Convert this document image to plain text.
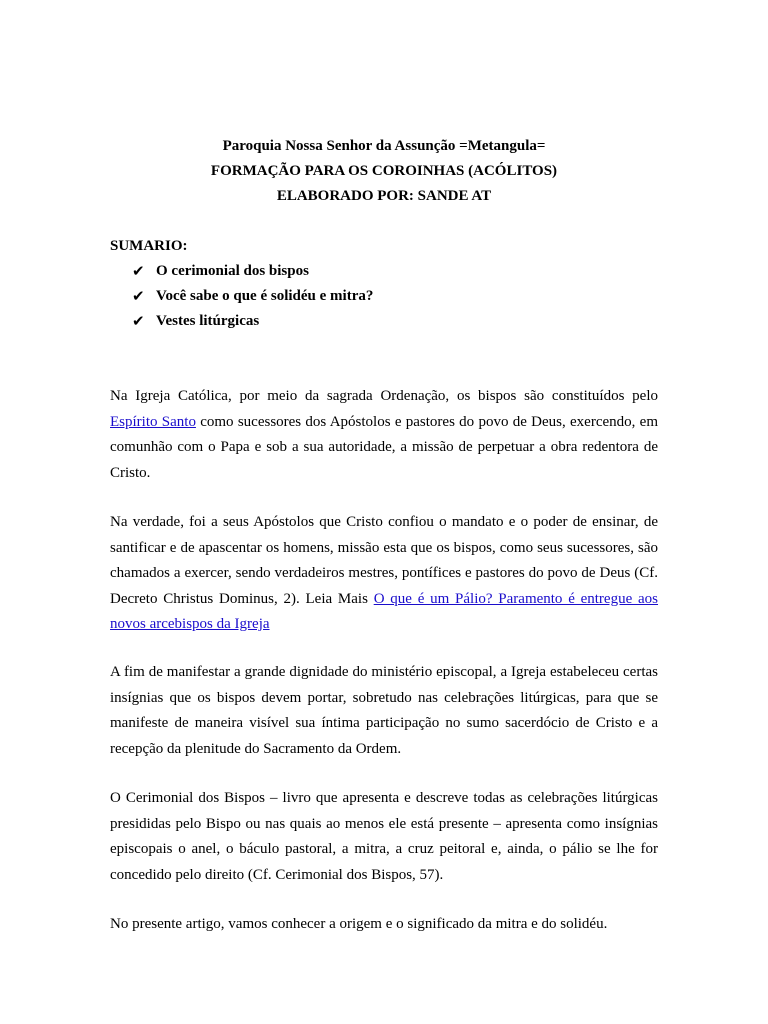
Paroquia Nossa Senhor da Assunção =Metangula=
FORMAÇÃO PARA OS COROINHAS (ACÓLITOS)
ELABORADO POR: SANDE AT
SUMARIO:
✔ O cerimonial dos bispos
✔ Você sabe o que é solidéu e mitra?
✔ Vestes litúrgicas

Na Igreja Católica, por meio da sagrada Ordenação, os bispos são constituídos pelo Espírito Santo como sucessores dos Apóstolos e pastores do povo de Deus, exercendo, em comunhão com o Papa e sob a sua autoridade, a missão de perpetuar a obra redentora de Cristo.

Na verdade, foi a seus Apóstolos que Cristo confiou o mandato e o poder de ensinar, de santificar e de apascentar os homens, missão esta que os bispos, como seus sucessores, são chamados a exercer, sendo verdadeiros mestres, pontífices e pastores do povo de Deus (Cf. Decreto Christus Dominus, 2). Leia Mais O que é um Pálio? Paramento é entregue aos novos arcebispos da Igreja

A fim de manifestar a grande dignidade do ministério episcopal, a Igreja estabeleceu certas insígnias que os bispos devem portar, sobretudo nas celebrações litúrgicas, para que se manifeste de maneira visível sua íntima participação no sumo sacerdócio de Cristo e a recepção da plenitude do Sacramento da Ordem.

O Cerimonial dos Bispos – livro que apresenta e descreve todas as celebrações litúrgicas presididas pelo Bispo ou nas quais ao menos ele está presente – apresenta como insígnias episcopais o anel, o báculo pastoral, a mitra, a cruz peitoral e, ainda, o pálio se lhe for concedido pelo direito (Cf. Cerimonial dos Bispos, 57).

No presente artigo, vamos conhecer a origem e o significado da mitra e do solidéu.
